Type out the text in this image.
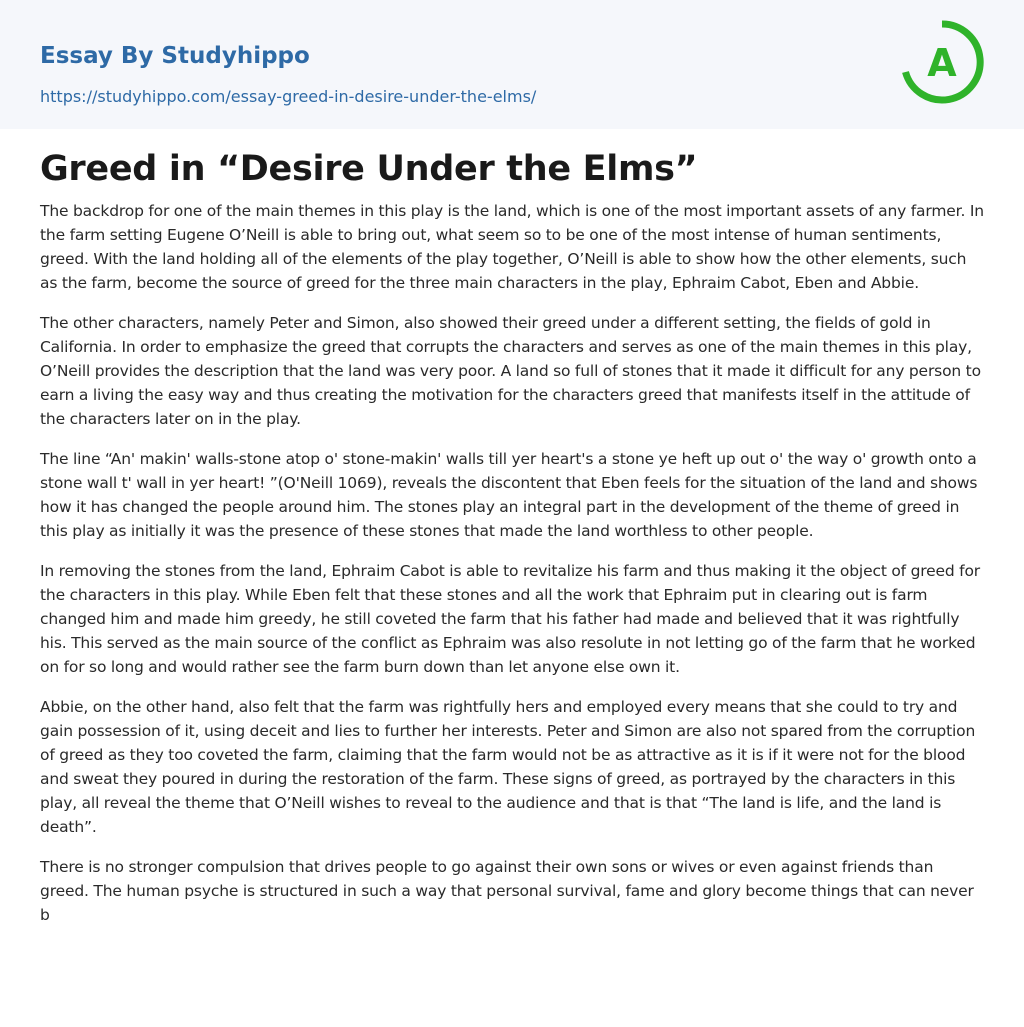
Essay By Studyhippo
https://studyhippo.com/essay-greed-in-desire-under-the-elms/
A
Greed in “Desire Under the Elms”

The backdrop for one of the main themes in this play is the land, which is one of the most important assets of any farmer. In the farm setting Eugene O’Neill is able to bring out, what seem so to be one of the most intense of human sentiments, greed. With the land holding all of the elements of the play together, O’Neill is able to show how the other elements, such as the farm, become the source of greed for the three main characters in the play, Ephraim Cabot, Eben and Abbie.

The other characters, namely Peter and Simon, also showed their greed under a different setting, the fields of gold in California. In order to emphasize the greed that corrupts the characters and serves as one of the main themes in this play, O’Neill provides the description that the land was very poor. A land so full of stones that it made it difficult for any person to earn a living the easy way and thus creating the motivation for the characters greed that manifests itself in the attitude of the characters later on in the play.

The line “An' makin' walls-stone atop o' stone-makin' walls till yer heart's a stone ye heft up out o' the way o' growth onto a stone wall t' wall in yer heart! ”(O'Neill 1069), reveals the discontent that Eben feels for the situation of the land and shows how it has changed the people around him. The stones play an integral part in the development of the theme of greed in this play as initially it was the presence of these stones that made the land worthless to other people.

In removing the stones from the land, Ephraim Cabot is able to revitalize his farm and thus making it the object of greed for the characters in this play. While Eben felt that these stones and all the work that Ephraim put in clearing out is farm changed him and made him greedy, he still coveted the farm that his father had made and believed that it was rightfully his. This served as the main source of the conflict as Ephraim was also resolute in not letting go of the farm that he worked on for so long and would rather see the farm burn down than let anyone else own it.

Abbie, on the other hand, also felt that the farm was rightfully hers and employed every means that she could to try and gain possession of it, using deceit and lies to further her interests. Peter and Simon are also not spared from the corruption of greed as they too coveted the farm, claiming that the farm would not be as attractive as it is if it were not for the blood and sweat they poured in during the restoration of the farm. These signs of greed, as portrayed by the characters in this play, all reveal the theme that O’Neill wishes to reveal to the audience and that is that “The land is life, and the land is death”.

There is no stronger compulsion that drives people to go against their own sons or wives or even against friends than greed. The human psyche is structured in such a way that personal survival, fame and glory become things that can never b
